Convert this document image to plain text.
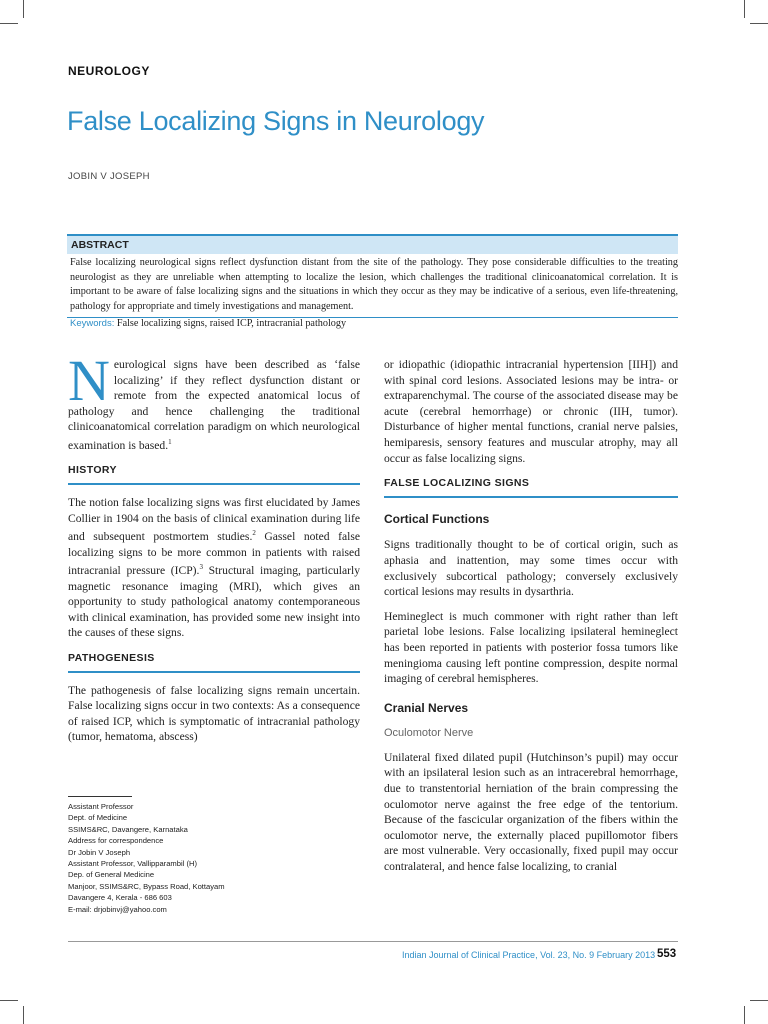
NEUROLOGY
False Localizing Signs in Neurology
JOBIN V JOSEPH
ABSTRACT

False localizing neurological signs reflect dysfunction distant from the site of the pathology. They pose considerable difficulties to the treating neurologist as they are unreliable when attempting to localize the lesion, which challenges the traditional clinicoanatomical correlation. It is important to be aware of false localizing signs and the situations in which they occur as they may be indicative of a serious, even life-threatening, pathology for appropriate and timely investigations and management.

Keywords: False localizing signs, raised ICP, intracranial pathology

Neurological signs have been described as ‘false localizing’ if they reflect dysfunction distant or remote from the expected anatomical locus of pathology and hence challenging the traditional clinicoanatomical correlation paradigm on which neurological examination is based.$^1$

HISTORY

The notion false localizing signs was first elucidated by James Collier in 1904 on the basis of clinical examination during life and subsequent postmortem studies.$^2$ Gassel noted false localizing signs to be more common in patients with raised intracranial pressure (ICP).$^3$ Structural imaging, particularly magnetic resonance imaging (MRI), which gives an opportunity to study pathological anatomy contemporaneous with clinical examination, has provided some new insight into the causes of these signs.

PATHOGENESIS

The pathogenesis of false localizing signs remain uncertain. False localizing signs occur in two contexts: As a consequence of raised ICP, which is symptomatic of intracranial pathology (tumor, hematoma, abscess)

or idiopathic (idiopathic intracranial hypertension [IIH]) and with spinal cord lesions. Associated lesions may be intra- or extraparenchymal. The course of the associated disease may be acute (cerebral hemorrhage) or chronic (IIH, tumor). Disturbance of higher mental functions, cranial nerve palsies, hemiparesis, sensory features and muscular atrophy, may all occur as false localizing signs.

FALSE LOCALIZING SIGNS
Cortical Functions

Signs traditionally thought to be of cortical origin, such as aphasia and inattention, may some times occur with exclusively subcortical pathology; conversely exclusively cortical lesions may results in dysarthria.

Hemineglect is much commoner with right rather than left parietal lobe lesions. False localizing ipsilateral hemineglect has been reported in patients with posterior fossa tumors like meningioma causing left pontine compression, despite normal imaging of cerebral hemispheres.

Cranial Nerves
Oculomotor Nerve

Unilateral fixed dilated pupil (Hutchinson’s pupil) may occur with an ipsilateral lesion such as an intracerebral hemorrhage, due to transtentorial herniation of the brain compressing the oculomotor nerve against the free edge of the tentorium. Because of the fascicular organization of the fibers within the oculomotor nerve, the externally placed pupillomotor fibers are most vulnerable. Very occasionally, fixed pupil may occur contralateral, and hence false localizing, to cranial

Assistant Professor
Dept. of Medicine
SSIMS&RC, Davangere, Karnataka
Address for correspondence
Dr Jobin V Joseph
Assistant Professor, Vallipparambil (H)
Dep. of General Medicine
Manjoor, SSIMS&RC, Bypass Road, Kottayam
Davangere 4, Kerala - 686 603
E-mail: drjobinvj@yahoo.com
Indian Journal of Clinical Practice, Vol. 23, No. 9 February 2013 553
